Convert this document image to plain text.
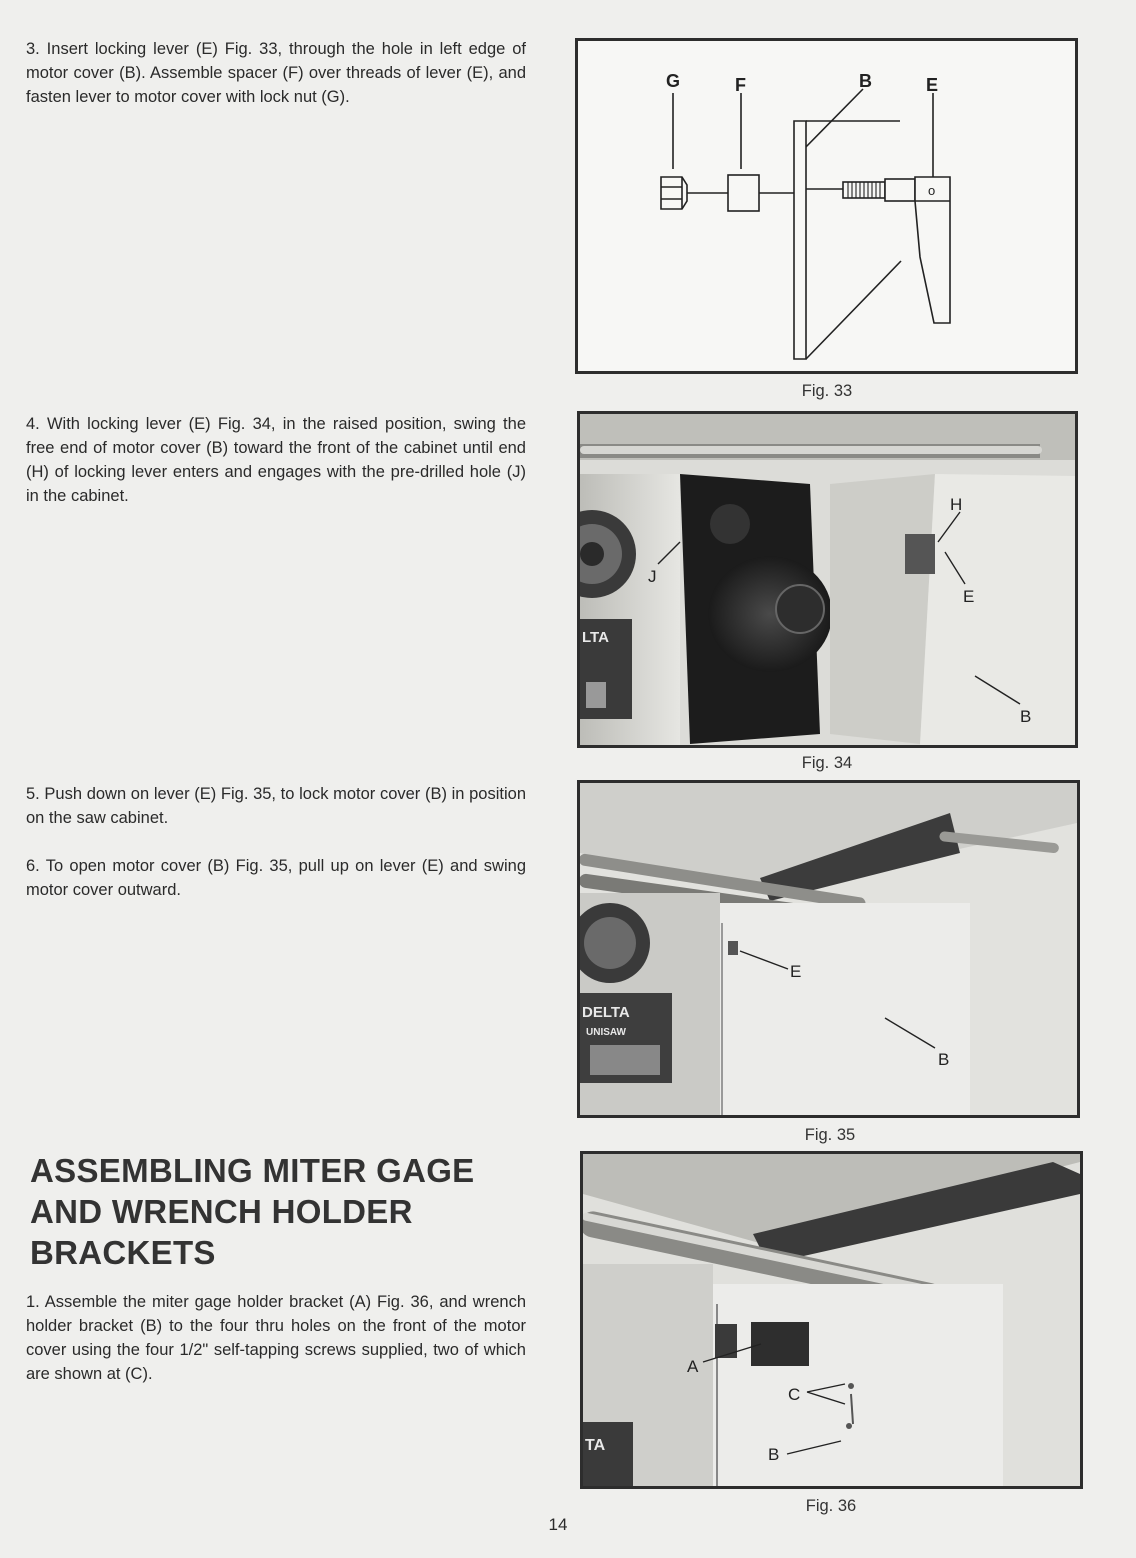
3. Insert locking lever (E) Fig. 33, through the hole in left edge of motor cover (B). Assemble spacer (F) over threads of lever (E), and fasten lever to motor cover with lock nut (G).

G	F	B	E
o
Fig. 33

4. With locking lever (E) Fig. 34, in the raised position, swing the free end of motor cover (B) toward the front of the cabinet until end (H) of locking lever enters and engages with the pre-drilled hole (J) in the cabinet.

LTA
H
J
E
B
Fig. 34

5. Push down on lever (E) Fig. 35, to lock motor cover (B) in position on the saw cabinet.

6. To open motor cover (B) Fig. 35, pull up on lever (E) and swing motor cover outward.

DELTA
UNISAW
E
B
Fig. 35
ASSEMBLING MITER GAGE
AND WRENCH HOLDER
BRACKETS

1. Assemble the miter gage holder bracket (A) Fig. 36, and wrench holder bracket (B) to the four thru holes on the front of the motor cover using the four 1/2" self-tapping screws supplied, two of which are shown at (C).

TA
A
C
B
Fig. 36
14
